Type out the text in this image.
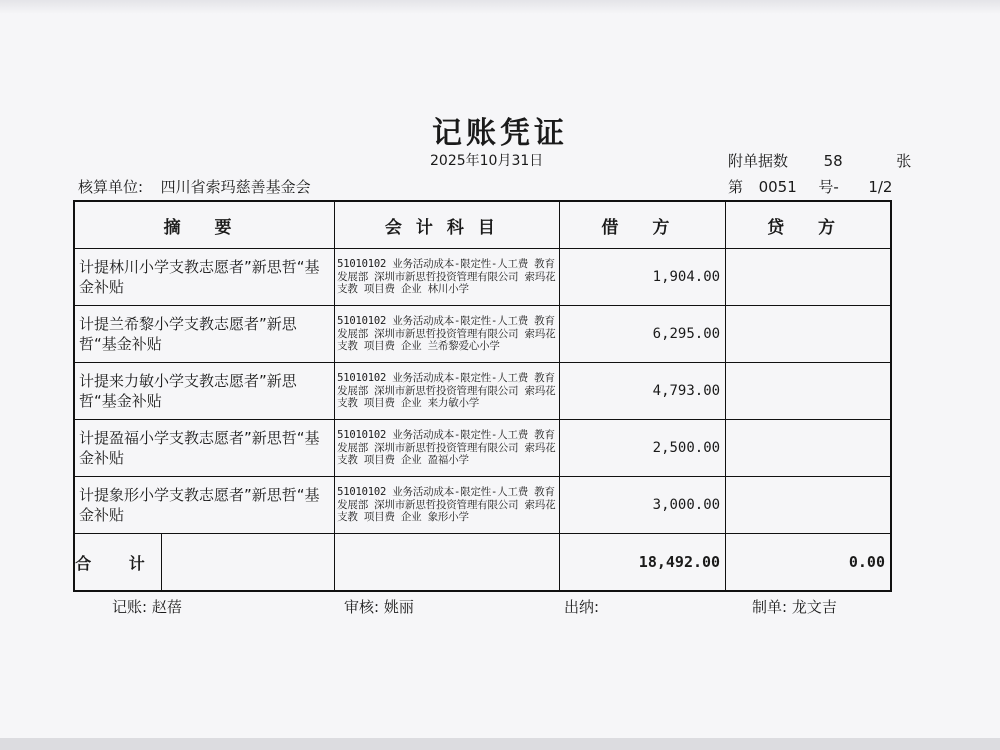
记账凭证
2025年10月31日	附单据数 58	张
核算单位: 四川省索玛慈善基金会	第 0051 号- 1/2
摘 要	会计科目	借 方	贷 方
计提林川小学支教志愿者”新思哲“基金补贴	51010102 业务活动成本-限定性-人工费 教育发展部 深圳市新思哲投资管理有限公司 索玛花支教 项目费 企业 林川小学	1,904.00	
计提兰希黎小学支教志愿者”新思哲“基金补贴	51010102 业务活动成本-限定性-人工费 教育发展部 深圳市新思哲投资管理有限公司 索玛花支教 项目费 企业 兰希黎爱心小学	6,295.00	
计提来力敏小学支教志愿者”新思哲“基金补贴	51010102 业务活动成本-限定性-人工费 教育发展部 深圳市新思哲投资管理有限公司 索玛花支教 项目费 企业 来力敏小学	4,793.00	
计提盈福小学支教志愿者”新思哲“基金补贴	51010102 业务活动成本-限定性-人工费 教育发展部 深圳市新思哲投资管理有限公司 索玛花支教 项目费 企业 盈福小学	2,500.00	
计提象形小学支教志愿者”新思哲“基金补贴	51010102 业务活动成本-限定性-人工费 教育发展部 深圳市新思哲投资管理有限公司 索玛花支教 项目费 企业 象形小学	3,000.00	

合 计		18,492.00	0.00
记账: 赵蓓	审核: 姚丽	出纳:	制单: 龙文吉
